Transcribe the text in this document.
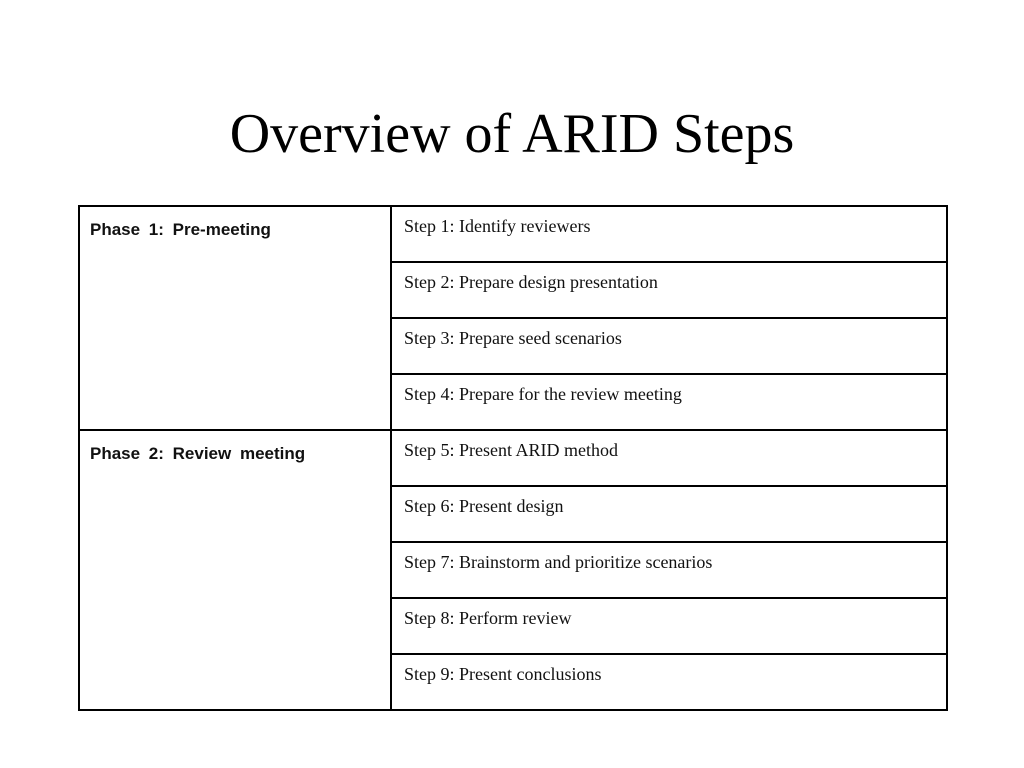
Overview of ARID Steps
Phase 1: Pre-meeting	Step 1: Identify reviewers

	Step 2: Prepare design presentation

	Step 3: Prepare seed scenarios

	Step 4: Prepare for the review meeting

Phase 2: Review meeting	Step 5: Present ARID method

	Step 6: Present design

	Step 7: Brainstorm and prioritize scenarios

	Step 8: Perform review

	Step 9: Present conclusions
